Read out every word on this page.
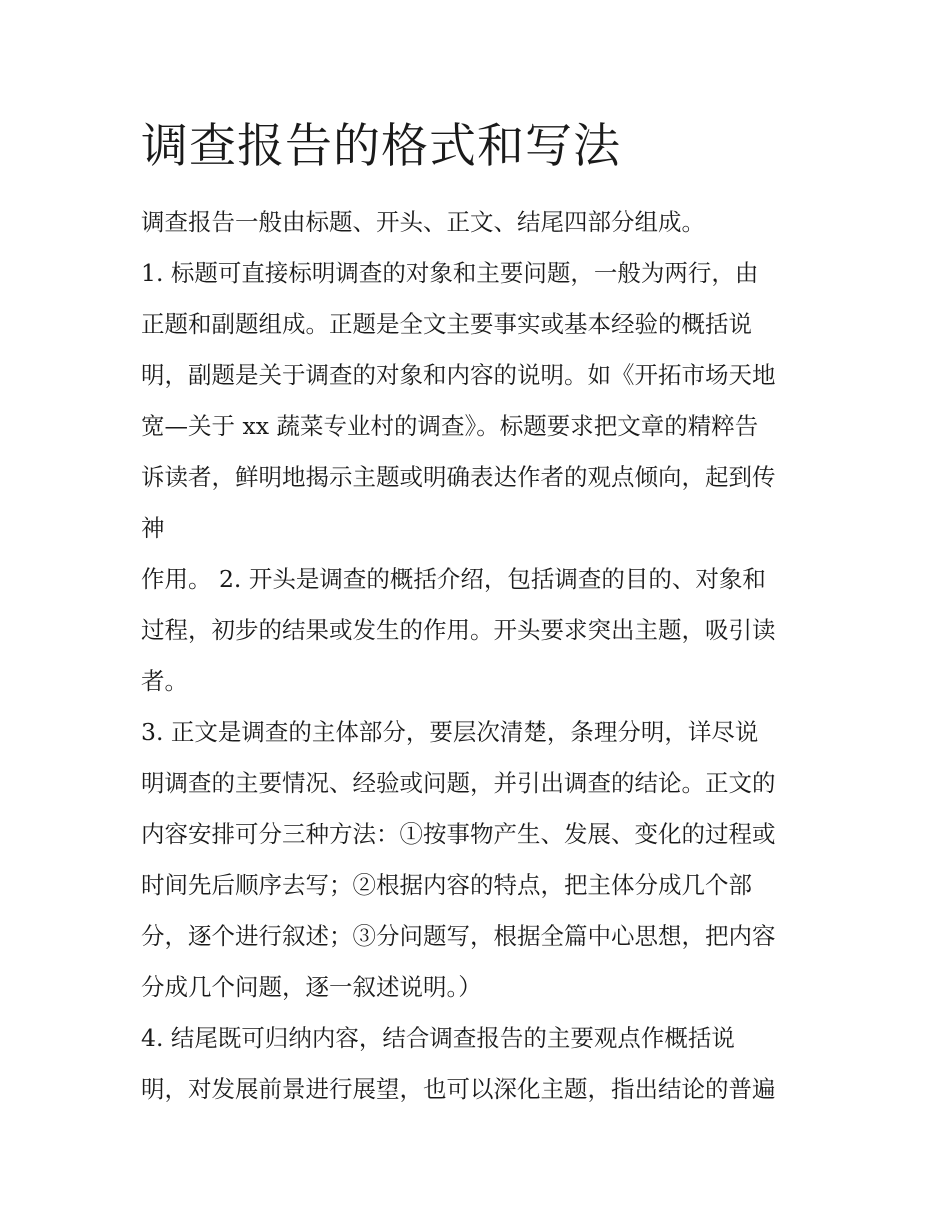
调查报告的格式和写法
调查报告一般由标题、开头、正文、结尾四部分组成。
1. 标题可直接标明调查的对象和主要问题，一般为两行，由
正题和副题组成。正题是全文主要事实或基本经验的概括说
明，副题是关于调查的对象和内容的说明。如《开拓市场天地
宽—关于 xx 蔬菜专业村的调查》。标题要求把文章的精粹告
诉读者，鲜明地揭示主题或明确表达作者的观点倾向，起到传
神
作用。 2. 开头是调查的概括介绍，包括调查的目的、对象和
过程，初步的结果或发生的作用。开头要求突出主题，吸引读
者。
3. 正文是调查的主体部分，要层次清楚，条理分明，详尽说
明调查的主要情况、经验或问题，并引出调查的结论。正文的
内容安排可分三种方法：①按事物产生、发展、变化的过程或
时间先后顺序去写；②根据内容的特点，把主体分成几个部
分，逐个进行叙述；③分问题写，根据全篇中心思想，把内容
分成几个问题，逐一叙述说明。）
4. 结尾既可归纳内容，结合调查报告的主要观点作概括说
明，对发展前景进行展望，也可以深化主题，指出结论的普遍
